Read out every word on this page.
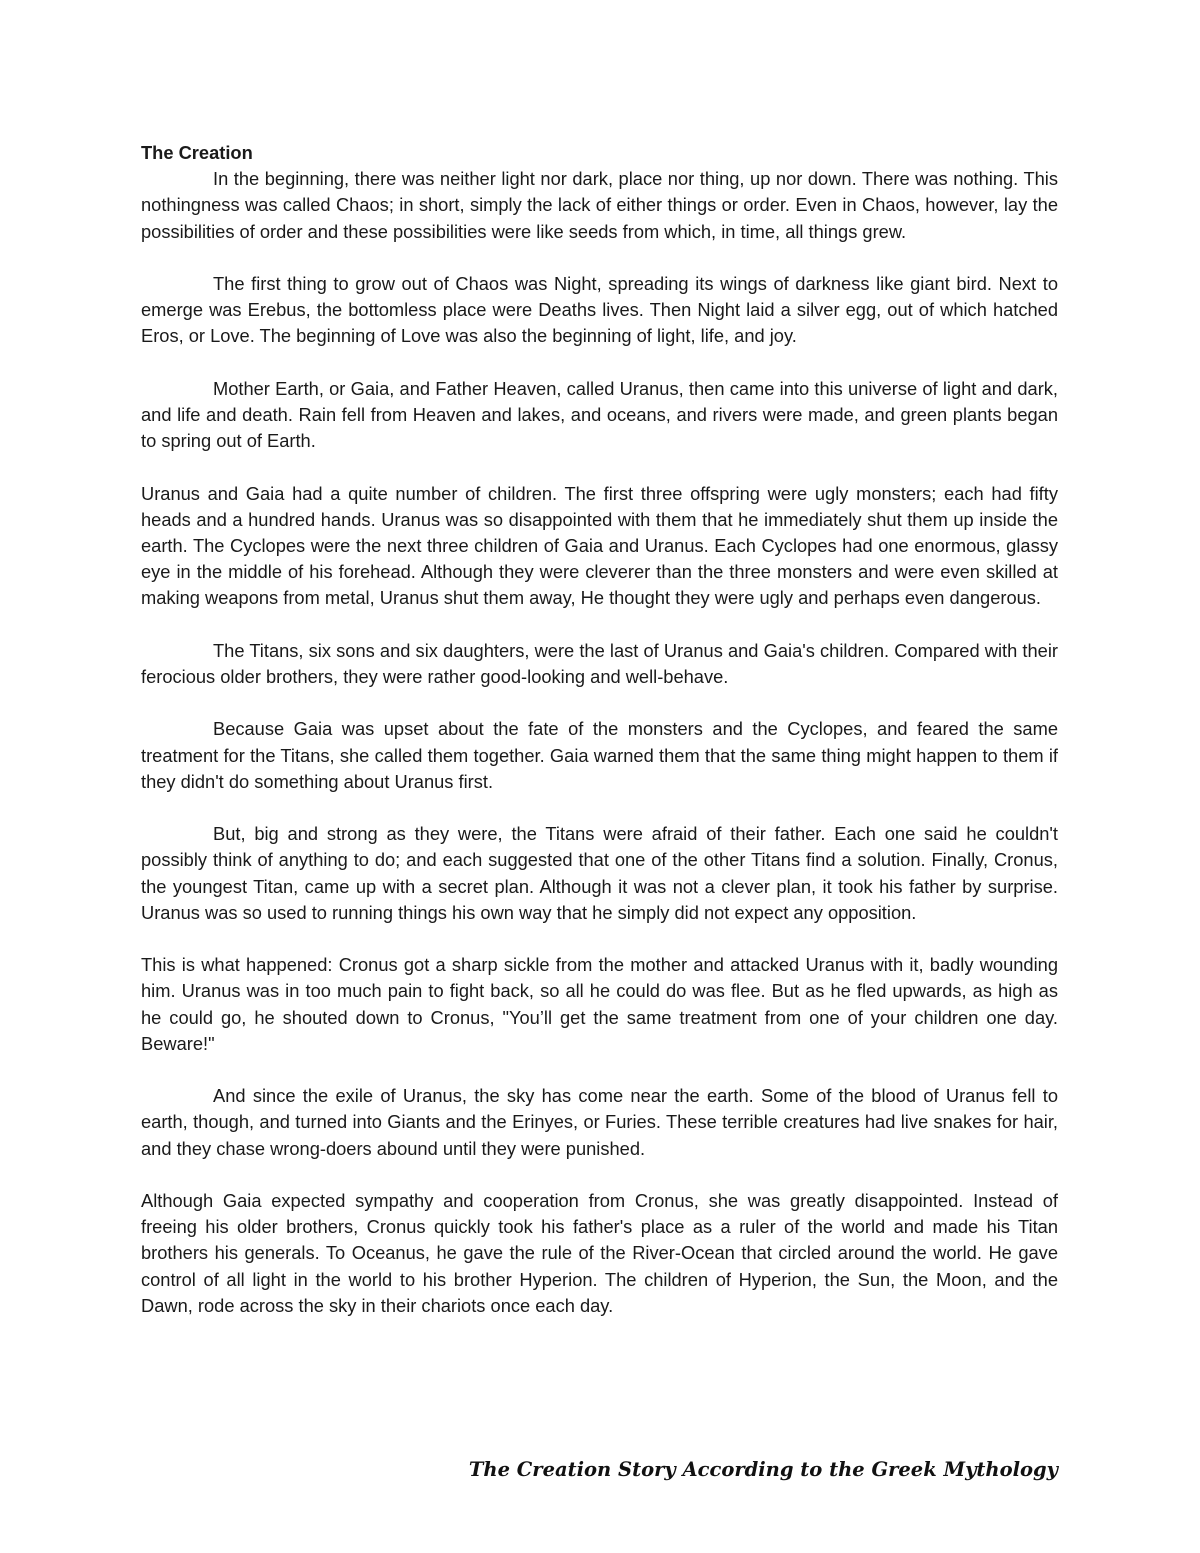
The Creation

In the beginning, there was neither light nor dark, place nor thing, up nor down. There was nothing. This nothingness was called Chaos; in short, simply the lack of either things or order. Even in Chaos, however, lay the possibilities of order and these possibilities were like seeds from which, in time, all things grew.

The first thing to grow out of Chaos was Night, spreading its wings of darkness like giant bird. Next to emerge was Erebus, the bottomless place were Deaths lives. Then Night laid a silver egg, out of which hatched Eros, or Love. The beginning of Love was also the beginning of light, life, and joy.

Mother Earth, or Gaia, and Father Heaven, called Uranus, then came into this universe of light and dark, and life and death. Rain fell from Heaven and lakes, and oceans, and rivers were made, and green plants began to spring out of Earth.

Uranus and Gaia had a quite number of children. The first three offspring were ugly monsters; each had fifty heads and a hundred hands. Uranus was so disappointed with them that he immediately shut them up inside the earth. The Cyclopes were the next three children of Gaia and Uranus. Each Cyclopes had one enormous, glassy eye in the middle of his forehead. Although they were cleverer than the three monsters and were even skilled at making weapons from metal, Uranus shut them away, He thought they were ugly and perhaps even dangerous.

The Titans, six sons and six daughters, were the last of Uranus and Gaia's children. Compared with their ferocious older brothers, they were rather good-looking and well-behave.

Because Gaia was upset about the fate of the monsters and the Cyclopes, and feared the same treatment for the Titans, she called them together. Gaia warned them that the same thing might happen to them if they didn't do something about Uranus first.

But, big and strong as they were, the Titans were afraid of their father. Each one said he couldn't possibly think of anything to do; and each suggested that one of the other Titans find a solution. Finally, Cronus, the youngest Titan, came up with a secret plan. Although it was not a clever plan, it took his father by surprise. Uranus was so used to running things his own way that he simply did not expect any opposition.

This is what happened: Cronus got a sharp sickle from the mother and attacked Uranus with it, badly wounding him. Uranus was in too much pain to fight back, so all he could do was flee. But as he fled upwards, as high as he could go, he shouted down to Cronus, "You’ll get the same treatment from one of your children one day. Beware!"

And since the exile of Uranus, the sky has come near the earth. Some of the blood of Uranus fell to earth, though, and turned into Giants and the Erinyes, or Furies. These terrible creatures had live snakes for hair, and they chase wrong-doers abound until they were punished.

Although Gaia expected sympathy and cooperation from Cronus, she was greatly disappointed. Instead of freeing his older brothers, Cronus quickly took his father's place as a ruler of the world and made his Titan brothers his generals. To Oceanus, he gave the rule of the River-Ocean that circled around the world. He gave control of all light in the world to his brother Hyperion. The children of Hyperion, the Sun, the Moon, and the Dawn, rode across the sky in their chariots once each day.

The Creation Story According to the Greek Mythology
